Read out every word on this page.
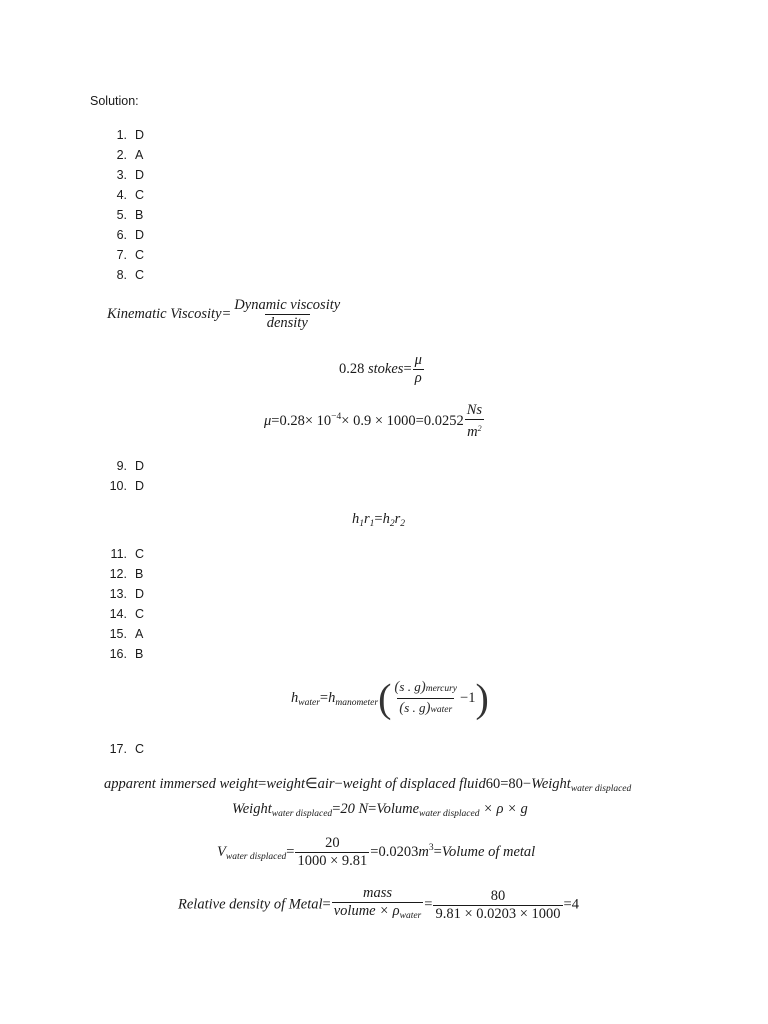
Solution:
1. D
2. A
3. D
4. C
5. B
6. D
7. C
8. C
Kinematic Viscosity= $\frac{\text{Dynamic viscosity}}{\text{density}}$
0.28 stokes= $\frac{\mu}{\rho}$
$\mu=0.28\times 10^{-4}\times 0.9 \times 1000=0.0252 \frac{Ns}{m^2}$
9. D
10. D
$h_1r_1=h_2r_2$
11. C
12. B
13. D
14. C
15. A
16. B
$h_{water}=h_{manometer}( \frac{\text{(s . g)mercury}}{\text{(s . g)water}} -1)$
17. C
apparent immersed weight=weight∈air−weight of displaced fluid60=80−Weight$_{water displaced}$
Weight$_{water displaced}$=20 N=Volume$_{water displaced}$ × ρ × g
$V_{water displaced}= \frac{20}{1000 \times 9.81}$ $=0.0203m^3=Volume$ of metal
Relative density of Metal= $\frac{\text{mass}}{volume \times \rho_{water}} = \frac{80}{9.81 \times 0.0203 \times 1000} =4$
